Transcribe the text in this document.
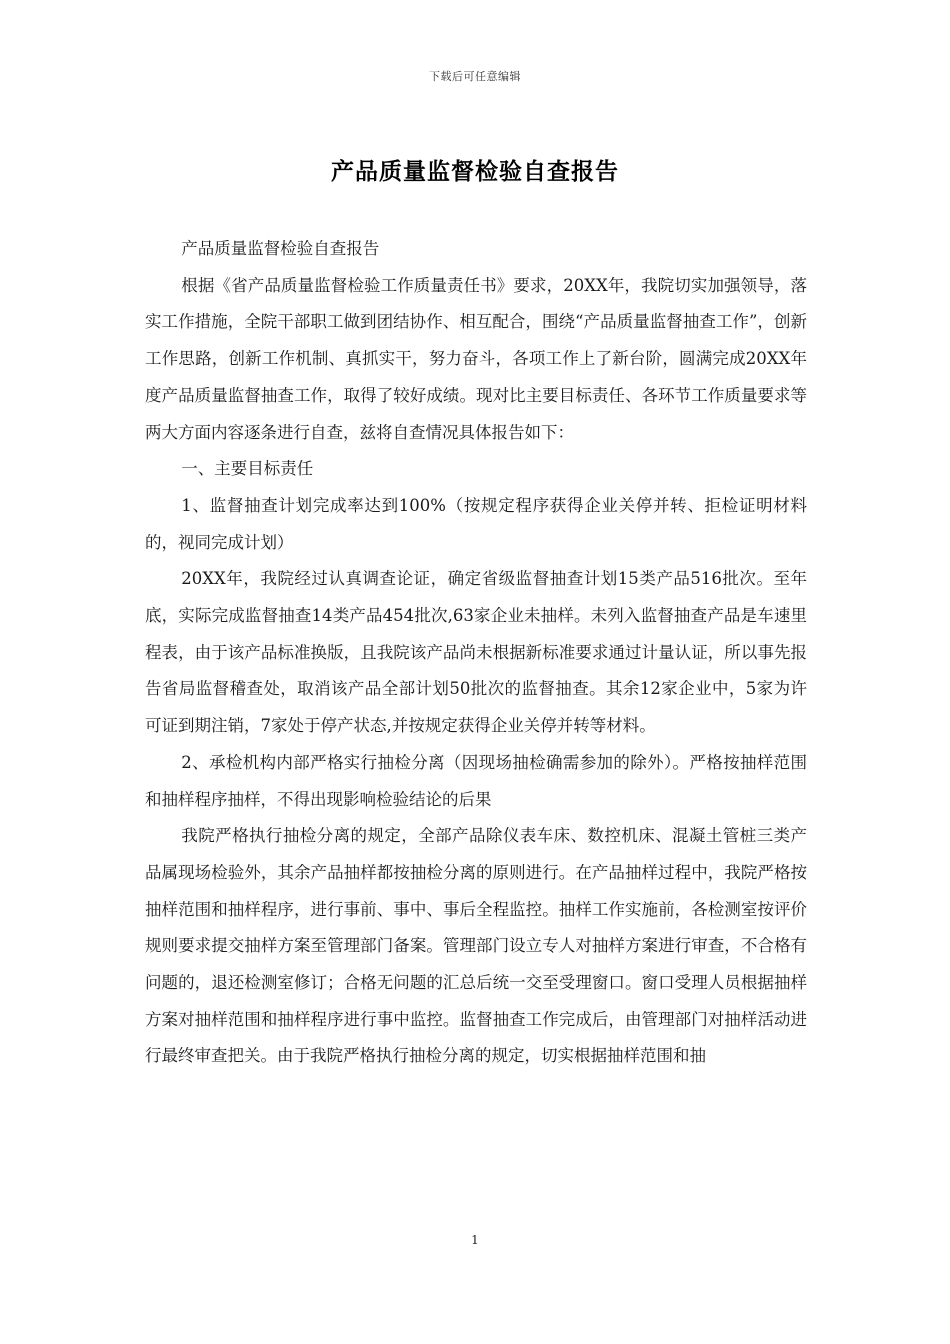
下载后可任意编辑
产品质量监督检验自查报告

产品质量监督检验自查报告

根据《省产品质量监督检验工作质量责任书》要求，20XX年，我院切实加强领导，落实工作措施，全院干部职工做到团结协作、相互配合，围绕“产品质量监督抽查工作”，创新工作思路，创新工作机制、真抓实干，努力奋斗，各项工作上了新台阶，圆满完成20XX年度产品质量监督抽查工作，取得了较好成绩。现对比主要目标责任、各环节工作质量要求等两大方面内容逐条进行自查，兹将自查情况具体报告如下：

一、主要目标责任

1、监督抽查计划完成率达到100%（按规定程序获得企业关停并转、拒检证明材料的，视同完成计划）

20XX年，我院经过认真调查论证，确定省级监督抽查计划15类产品516批次。至年底，实际完成监督抽查14类产品454批次,63家企业未抽样。未列入监督抽查产品是车速里程表，由于该产品标准换版，且我院该产品尚未根据新标准要求通过计量认证，所以事先报告省局监督稽查处，取消该产品全部计划50批次的监督抽查。其余12家企业中，5家为许可证到期注销，7家处于停产状态,并按规定获得企业关停并转等材料。

2、承检机构内部严格实行抽检分离（因现场抽检确需参加的除外）。严格按抽样范围和抽样程序抽样，不得出现影响检验结论的后果

我院严格执行抽检分离的规定，全部产品除仪表车床、数控机床、混凝土管桩三类产品属现场检验外，其余产品抽样都按抽检分离的原则进行。在产品抽样过程中，我院严格按抽样范围和抽样程序，进行事前、事中、事后全程监控。抽样工作实施前，各检测室按评价规则要求提交抽样方案至管理部门备案。管理部门设立专人对抽样方案进行审查，不合格有问题的，退还检测室修订；合格无问题的汇总后统一交至受理窗口。窗口受理人员根据抽样方案对抽样范围和抽样程序进行事中监控。监督抽查工作完成后，由管理部门对抽样活动进行最终审查把关。由于我院严格执行抽检分离的规定，切实根据抽样范围和抽

1
